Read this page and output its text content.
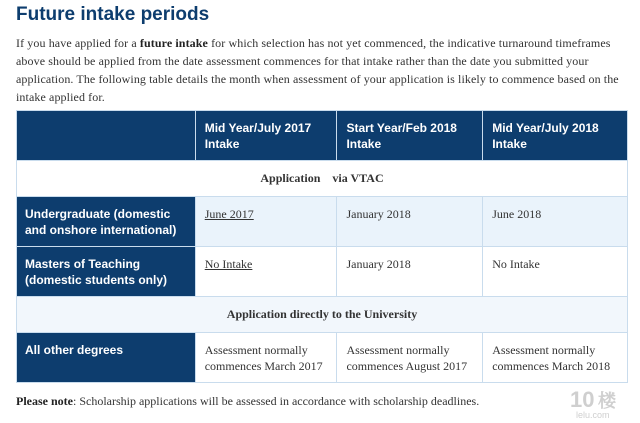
Future intake periods

If you have applied for a future intake for which selection has not yet commenced, the indicative turnaround timeframes above should be applied from the date assessment commences for that intake rather than the date you submitted your application. The following table details the month when assessment of your application is likely to commence based on the intake applied for.

	Mid Year/July 2017 Intake	Start Year/Feb 2018 Intake	Mid Year/July 2018 Intake

Application    via VTAC			

Undergraduate (domestic and onshore international)	June 2017	January 2018	June 2018

Masters of Teaching (domestic students only)	No Intake	January 2018	No Intake

Application directly to the University			

All other degrees	Assessment normally commences March 2017	Assessment normally commences August 2017	Assessment normally commences March 2018

Please note: Scholarship applications will be assessed in accordance with scholarship deadlines.	10 楼
lelu.com
